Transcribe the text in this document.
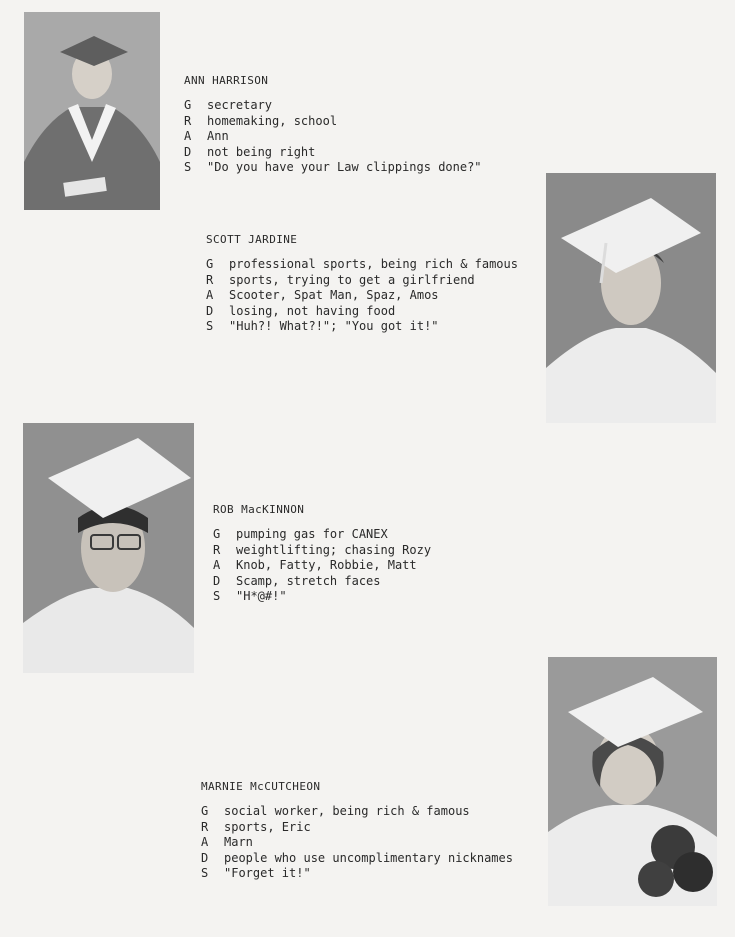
ANN HARRISON
G	secretary
R	homemaking, school
A	Ann
D	not being right
S	"Do you have your Law clippings done?"
SCOTT JARDINE
G	professional sports, being rich & famous
R	sports, trying to get a girlfriend
A	Scooter, Spat Man, Spaz, Amos
D	losing, not having food
S	"Huh?! What?!"; "You got it!"
ROB MacKINNON
G	pumping gas for CANEX
R	weightlifting; chasing Rozy
A	Knob, Fatty, Robbie, Matt
D	Scamp, stretch faces
S	"H*@#!"
MARNIE McCUTCHEON
G	social worker, being rich & famous
R	sports, Eric
A	Marn
D	people who use uncomplimentary nicknames
S	"Forget it!"
